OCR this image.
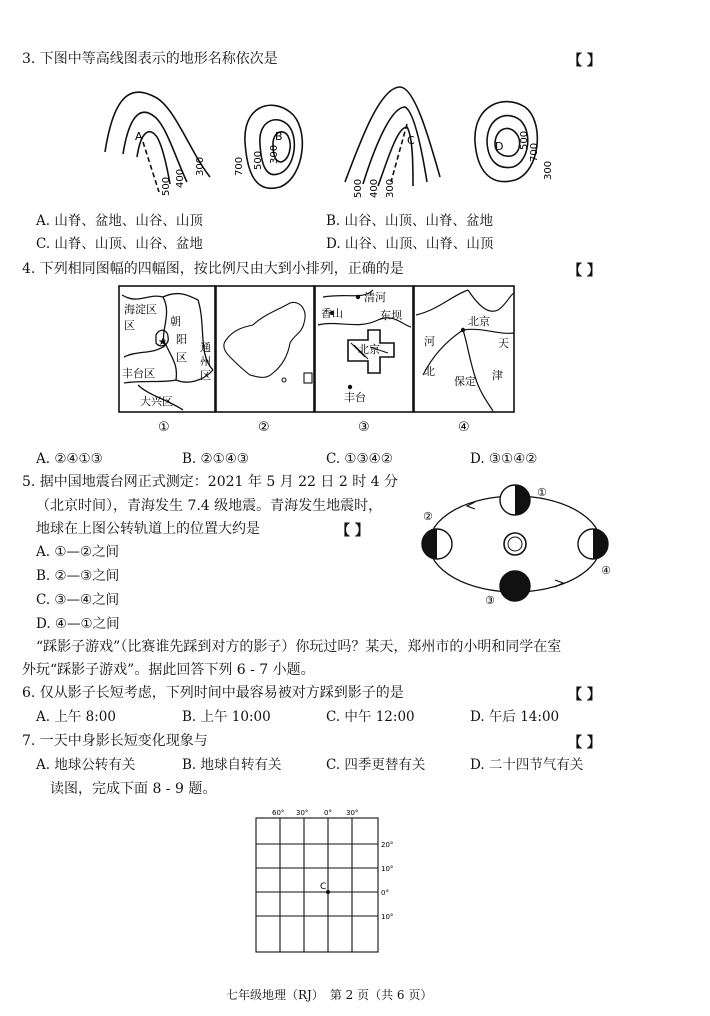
3. 下图中等高线图表示的地形名称依次是	【 】
A
500 400
300
B
700 500 300
C
500 400 300
D 500
700
300
A. 山脊、盆地、山谷、山顶	B. 山谷、山顶、山脊、盆地
C. 山脊、山顶、山谷、盆地	D. 山谷、山顶、山脊、山顶
4. 下列相同图幅的四幅图，按比例尺由大到小排列，正确的是	【 】
海淀区
区	朝
阳
区
通
州
区
丰台区
大兴区
★
清河
香山	东坝
北京
丰台
北京
河
北
天
津
保定
①	②	③	④
A. ②④①③	B. ②①④③	C. ①③④②	D. ③①④②
5. 据中国地震台网正式测定：2021 年 5 月 22 日 2 时 4 分
（北京时间），青海发生 7.4 级地震。青海发生地震时，
地球在上图公转轨道上的位置大约是	【 】
A. ①—②之间
B. ②—③之间
C. ③—④之间
D. ④—①之间
①
②
③
④
“踩影子游戏”（比赛谁先踩到对方的影子）你玩过吗？某天，郑州市的小明和同学在室
外玩“踩影子游戏”。据此回答下列 6 - 7 小题。
6. 仅从影子长短考虑，下列时间中最容易被对方踩到影子的是	【 】
A. 上午 8:00	B. 上午 10:00	C. 中午 12:00	D. 午后 14:00
7. 一天中身影长短变化现象与	【 】
A. 地球公转有关	B. 地球自转有关	C. 四季更替有关	D. 二十四节气有关
读图，完成下面 8 - 9 题。
C
60° 30° 0° 30°
20°
10°
0°
10°
七年级地理（RJ）　第 2 页（共 6 页）
